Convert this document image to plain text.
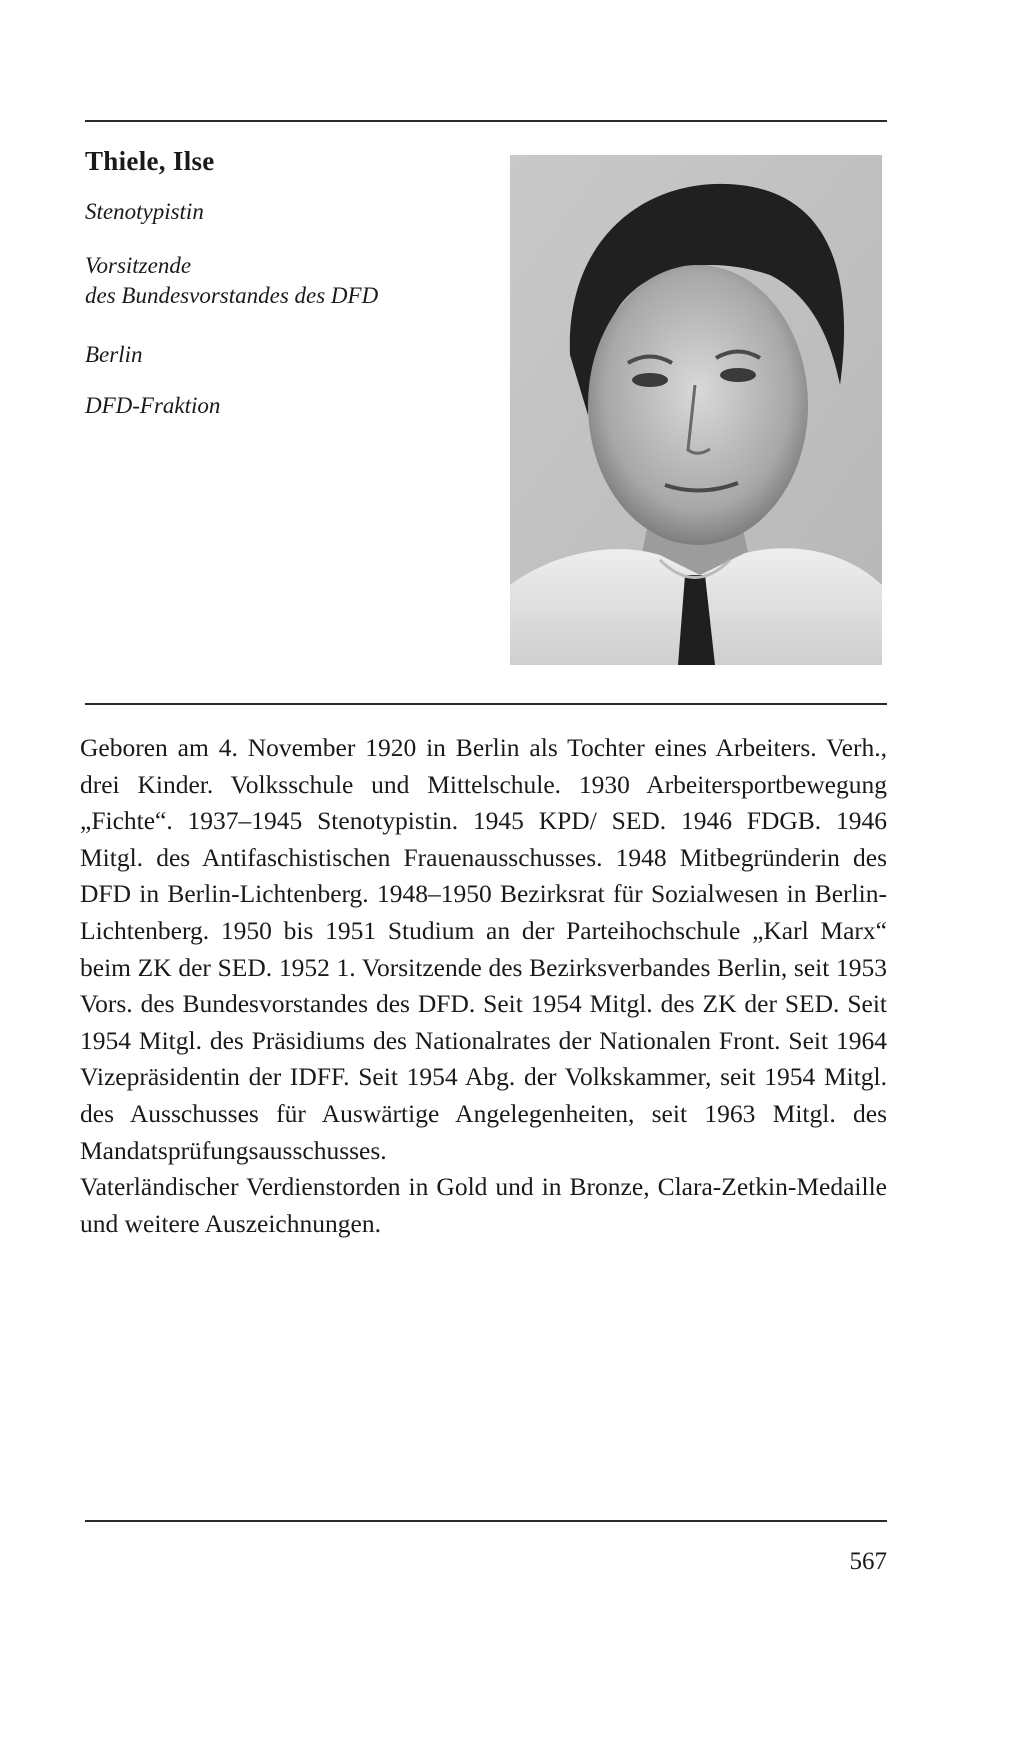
Thiele, Ilse
Stenotypistin
Vorsitzende
des Bundesvorstandes des DFD
Berlin
DFD-Fraktion

Geboren am 4. November 1920 in Berlin als Tochter eines Arbeiters. Verh., drei Kinder. Volksschule und Mittelschule. 1930 Arbeitersportbewegung „Fichte“. 1937–1945 Stenotypistin. 1945 KPD/ SED. 1946 FDGB. 1946 Mitgl. des Antifaschistischen Frauenausschusses. 1948 Mitbegründerin des DFD in Berlin-Lichtenberg. 1948–1950 Bezirksrat für Sozialwesen in Berlin-Lichtenberg. 1950 bis 1951 Studium an der Parteihochschule „Karl Marx“ beim ZK der SED. 1952 1. Vorsitzende des Bezirksverbandes Berlin, seit 1953 Vors. des Bundesvorstandes des DFD. Seit 1954 Mitgl. des ZK der SED. Seit 1954 Mitgl. des Präsidiums des Nationalrates der Nationalen Front. Seit 1964 Vizepräsidentin der IDFF. Seit 1954 Abg. der Volkskammer, seit 1954 Mitgl. des Ausschusses für Auswärtige Angelegenheiten, seit 1963 Mitgl. des Mandatsprüfungsausschusses.

Vaterländischer Verdienstorden in Gold und in Bronze, Clara-Zetkin-Medaille und weitere Auszeichnungen.

567
